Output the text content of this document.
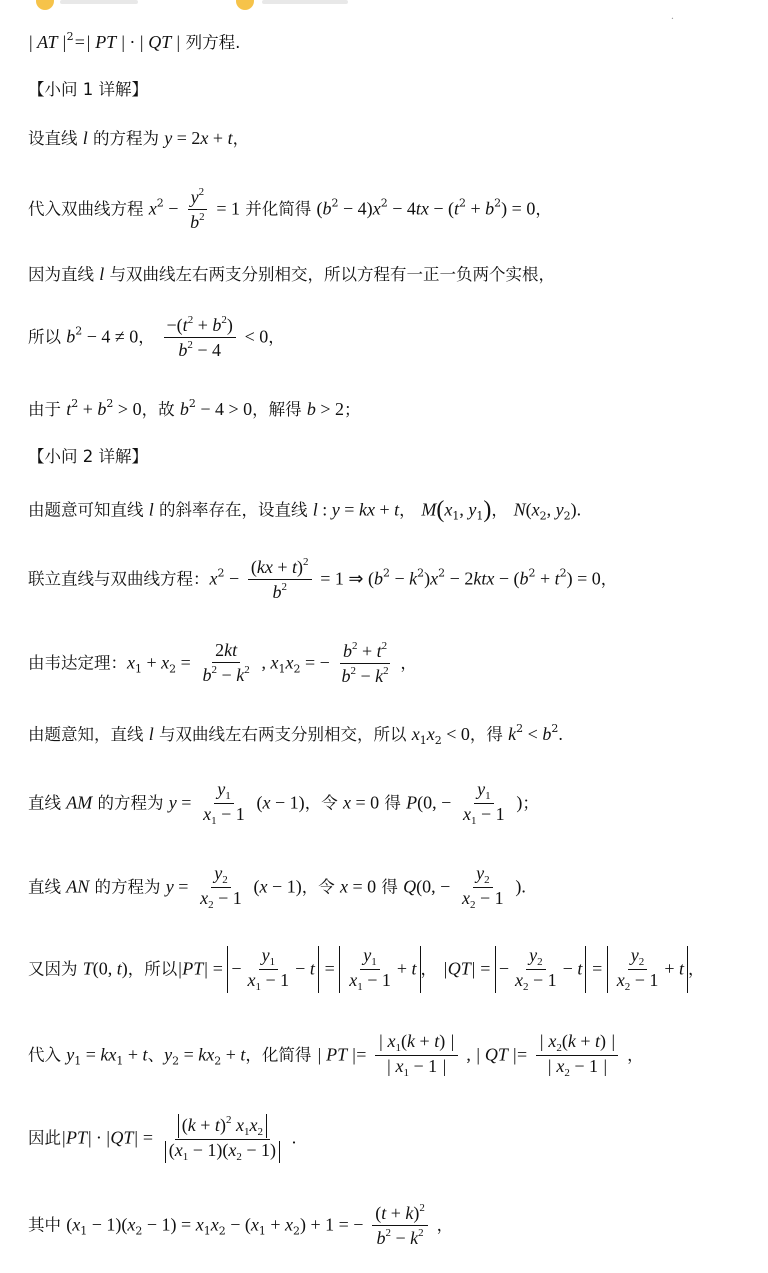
·
| AT $|^2=|$ PT | · | QT | 列方程.
【小问 1 详解】
设直线 l 的方程为 y = 2x + t，
代入双曲线方程 $x^2 - \frac{y^2}{b^2} = 1$ 并化简得 $(b^2 - 4)x^2 - 4tx - (t^2 + b^2) = 0$，
因为直线 l 与双曲线左右两支分别相交，所以方程有一正一负两个实根，
所以 $b^2 - 4 \ne 0$， $\frac{-(t^2 + b^2)}{b^2 - 4} < 0$，
由于 $t^2 + b^2 > 0$，故 $b^2 - 4 > 0$，解得 b > 2；
【小问 2 详解】
由题意可知直线 l 的斜率存在，设直线 l : y = kx + t， $M(x_1$, $y_1$)， $N(x_2$, $y_2$).
联立直线与双曲线方程：$x^2 - \frac{(kx + t)^2}{b^2} = 1$ ⇒ $(b^2 - k^2)x^2 - 2ktx - (b^2 + t^2) = 0$，
由韦达定理：$x_1 + x_2 = \frac{2kt}{b^2 - k^2}$ , $x_1x_2$ = − $\frac{b^2 + t^2}{b^2 - k^2}$ ，
由题意知，直线 l 与双曲线左右两支分别相交，所以 $x_1x_2 < 0$，得 $k^2 < b^2$.
直线 AM 的方程为 $y = \frac{y_1}{x_1 - 1} (x - 1)$，令 x = 0 得 P(0, − $\frac{y_1}{x_1 - 1}$ )；
直线 AN 的方程为 $y = \frac{y_2}{x_2 - 1} (x - 1)$，令 x = 0 得 Q(0, − $\frac{y_2}{x_2 - 1}$ ).
又因为 T(0, t)，所以|PT| = − $\frac{y_1}{x_1 - 1} - t = \frac{y_1}{x_1 - 1} + t$ ， |QT| = − $\frac{y_2}{x_2 - 1} - t = \frac{y_2}{x_2 - 1} + t$ ，
代入 $y_1 = kx_1 + t$、$y_2 = kx_2 + t$，化简得 | PT |= $\frac{| x_1(k + t) |}{| x_1 - 1 |}$ , | QT |= $\frac{| x_2(k + t) |}{| x_2 - 1 |}$ ，
因此$|PT| \cdot |QT| = \frac{(k + t)^2 x_1x_2}{(x_1 - 1)(x_2 - 1)}$ .
其中 $(x_1 - 1)(x_2 - 1) = x_1x_2 - (x_1 + x_2) + 1$ = − $\frac{(t + k)^2}{b^2 - k^2}$ ，
